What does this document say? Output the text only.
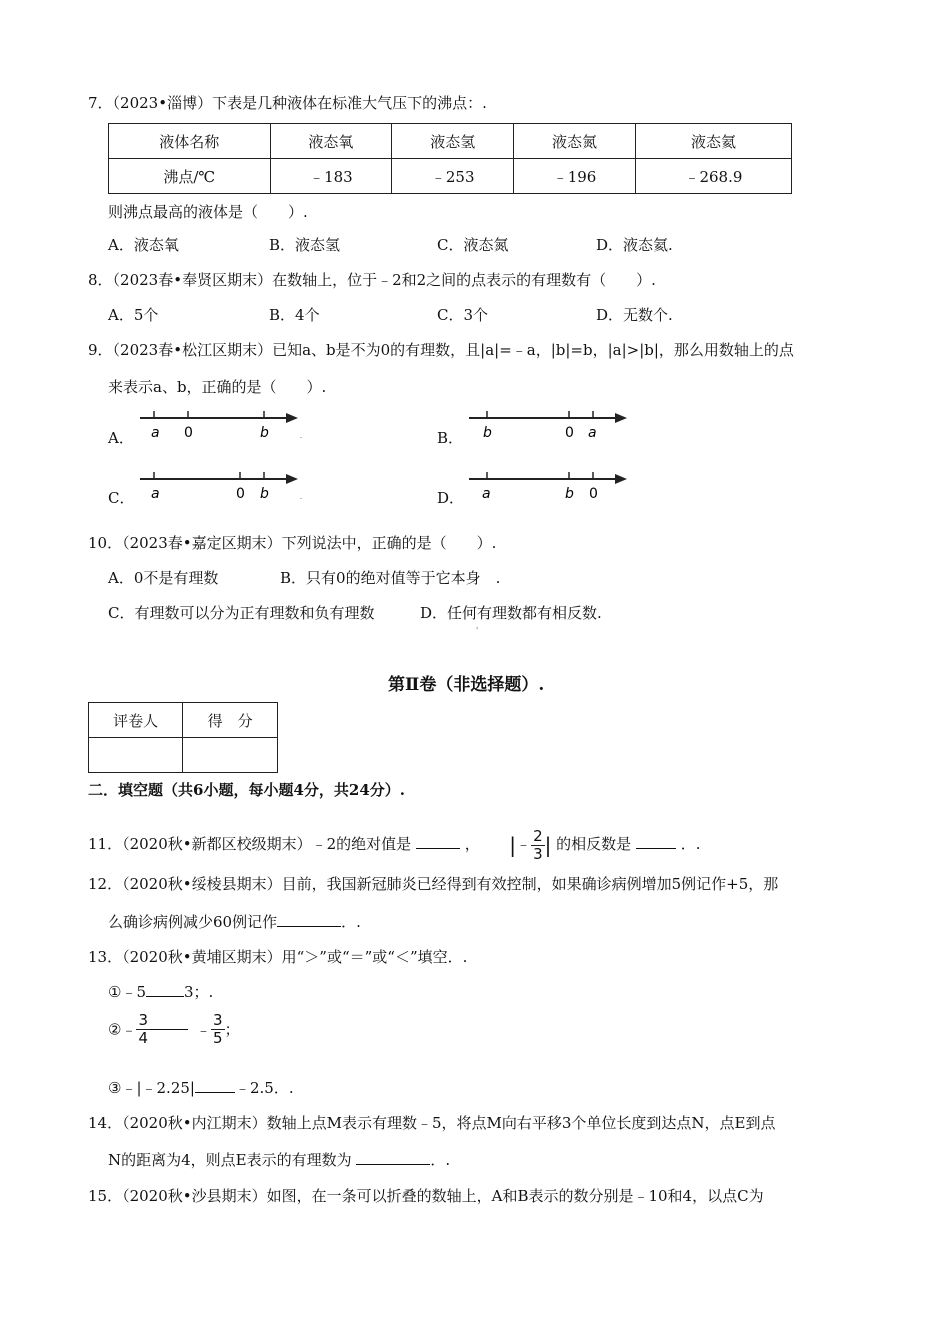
7．（2023•淄博）下表是几种液体在标准大气压下的沸点：.
液体名称	液态氧	液态氢	液态氮	液态氦
沸点/℃	﹣183	﹣253	﹣196	﹣268.9
则沸点最高的液体是（　　）.
A．液态氧	B．液态氢	C．液态氮	D．液态氦.
8．（2023春•奉贤区期末）在数轴上，位于﹣2和2之间的点表示的有理数有（　　）.
A．5个	B．4个	C．3个	D．无数个.
9．（2023春•松江区期末）已知a、b是不为0的有理数，且|a|=﹣a，|b|=b，|a|>|b|，那么用数轴上的点
来表示a、b，正确的是（　　）.
A． a 0	b	.	B． b	0 a
C． a	0 b	.	D． a	b 0
10．（2023春•嘉定区期末）下列说法中，正确的是（　　）.
A．0不是有理数	B．只有0的绝对值等于它本身　.
C．有理数可以分为正有理数和负有理数	D．任何有理数都有相反数.
'
第Ⅱ卷（非选择题）.
评卷人	得　分

二．填空题（共6小题，每小题4分，共24分）.
11．（2020秋•新都区校级期末）﹣2的绝对值是	， |﹣ $\frac{2}{3}$ | 的相反数是	．.
12．（2020秋•绥棱县期末）目前，我国新冠肺炎已经得到有效控制，如果确诊病例增加5例记作+5，那
么确诊病例减少60例记作	．.
13．（2020秋•黄埔区期末）用“＞”或“＝”或“＜”填空．.
①﹣5	3；.
②﹣ $\frac{3}{4}$	﹣ $\frac{3}{5}$ ；
③﹣|﹣2.25|	﹣2.5．.
14．（2020秋•内江期末）数轴上点M表示有理数﹣5，将点M向右平移3个单位长度到达点N，点E到点
N的距离为4，则点E表示的有理数为	．.
15．（2020秋•沙县期末）如图，在一条可以折叠的数轴上，A和B表示的数分别是﹣10和4，以点C为
